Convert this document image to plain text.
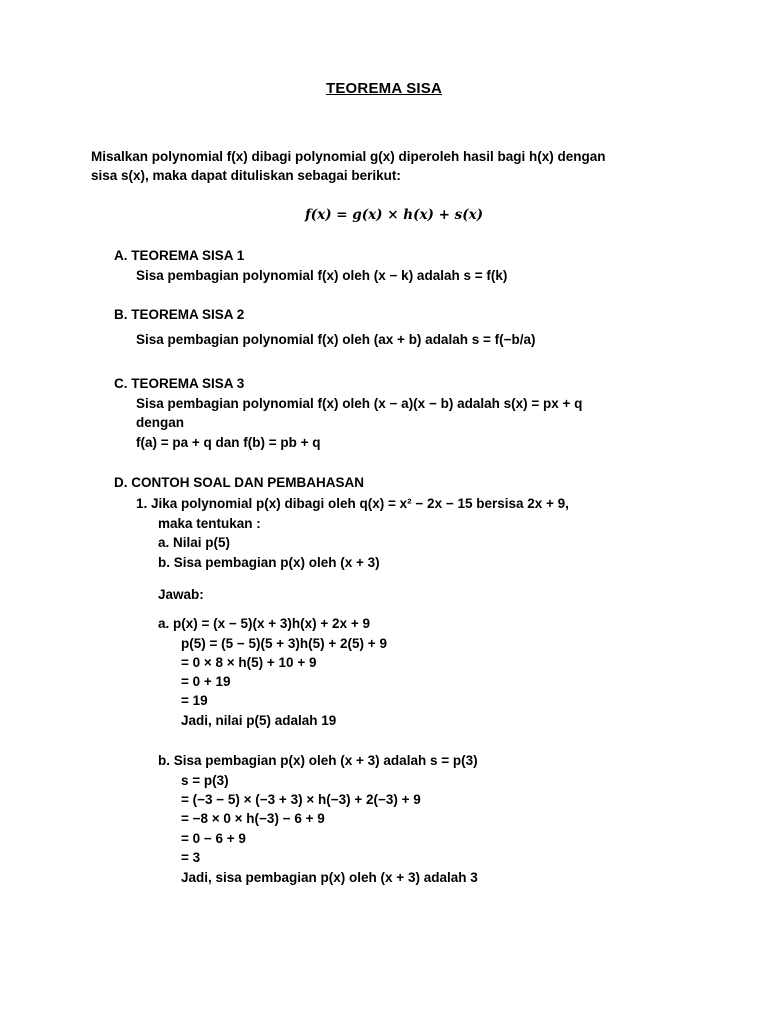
TEOREMA SISA
Misalkan polynomial f(x) dibagi polynomial g(x) diperoleh hasil bagi h(x) dengan
sisa s(x), maka dapat dituliskan sebagai berikut:
f(x) = g(x) × h(x) + s(x)
A. TEOREMA SISA 1
Sisa pembagian polynomial f(x) oleh (x − k) adalah s = f(k)
B. TEOREMA SISA 2
Sisa pembagian polynomial f(x) oleh (ax + b) adalah s = f(−b/a)
C. TEOREMA SISA 3
Sisa pembagian polynomial f(x) oleh (x − a)(x − b) adalah s(x) = px + q
dengan
f(a) = pa + q dan f(b) = pb + q
D. CONTOH SOAL DAN PEMBAHASAN
1. Jika polynomial p(x) dibagi oleh q(x) = x² − 2x − 15 bersisa 2x + 9,
maka tentukan :
a. Nilai p(5)
b. Sisa pembagian p(x) oleh (x + 3)
Jawab:
a. p(x) = (x − 5)(x + 3)h(x) + 2x + 9
p(5) = (5 − 5)(5 + 3)h(5) + 2(5) + 9
= 0 × 8 × h(5) + 10 + 9
= 0 + 19
= 19
Jadi, nilai p(5) adalah 19
b. Sisa pembagian p(x) oleh (x + 3) adalah s = p(3)
s = p(3)
= (−3 − 5) × (−3 + 3) × h(−3) + 2(−3) + 9
= −8 × 0 × h(−3) − 6 + 9
= 0 − 6 + 9
= 3
Jadi, sisa pembagian p(x) oleh (x + 3) adalah 3
